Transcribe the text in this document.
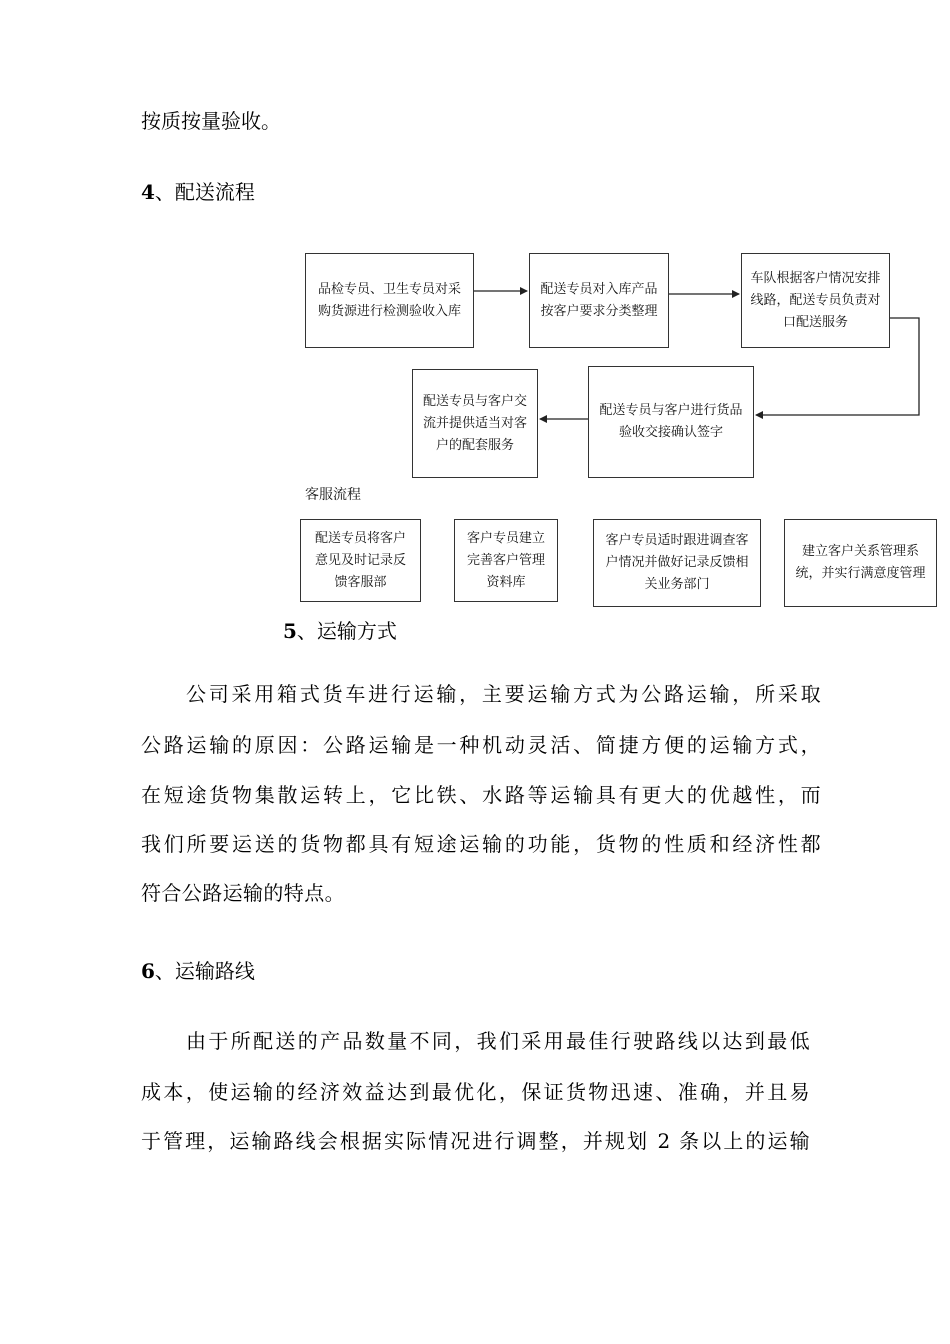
按质按量验收。
4、配送流程
品检专员、卫生专员对采购货源进行检测验收入库
配送专员对入库产品按客户要求分类整理
车队根据客户情况安排线路，配送专员负责对口配送服务
配送专员与客户进行货品验收交接确认签字
配送专员与客户交流并提供适当对客户的配套服务
客服流程
配送专员将客户意见及时记录反馈客服部
客户专员建立完善客户管理资料库
客户专员适时跟进调查客户情况并做好记录反馈相关业务部门
建立客户关系管理系统，并实行满意度管理
5、运输方式
公司采用箱式货车进行运输，主要运输方式为公路运输，所采取
公路运输的原因：公路运输是一种机动灵活、简捷方便的运输方式，
在短途货物集散运转上，它比铁、水路等运输具有更大的优越性，而
我们所要运送的货物都具有短途运输的功能，货物的性质和经济性都
符合公路运输的特点。
6、运输路线
由于所配送的产品数量不同，我们采用最佳行驶路线以达到最低
成本，使运输的经济效益达到最优化，保证货物迅速、准确，并且易
于管理，运输路线会根据实际情况进行调整，并规划 2 条以上的运输
